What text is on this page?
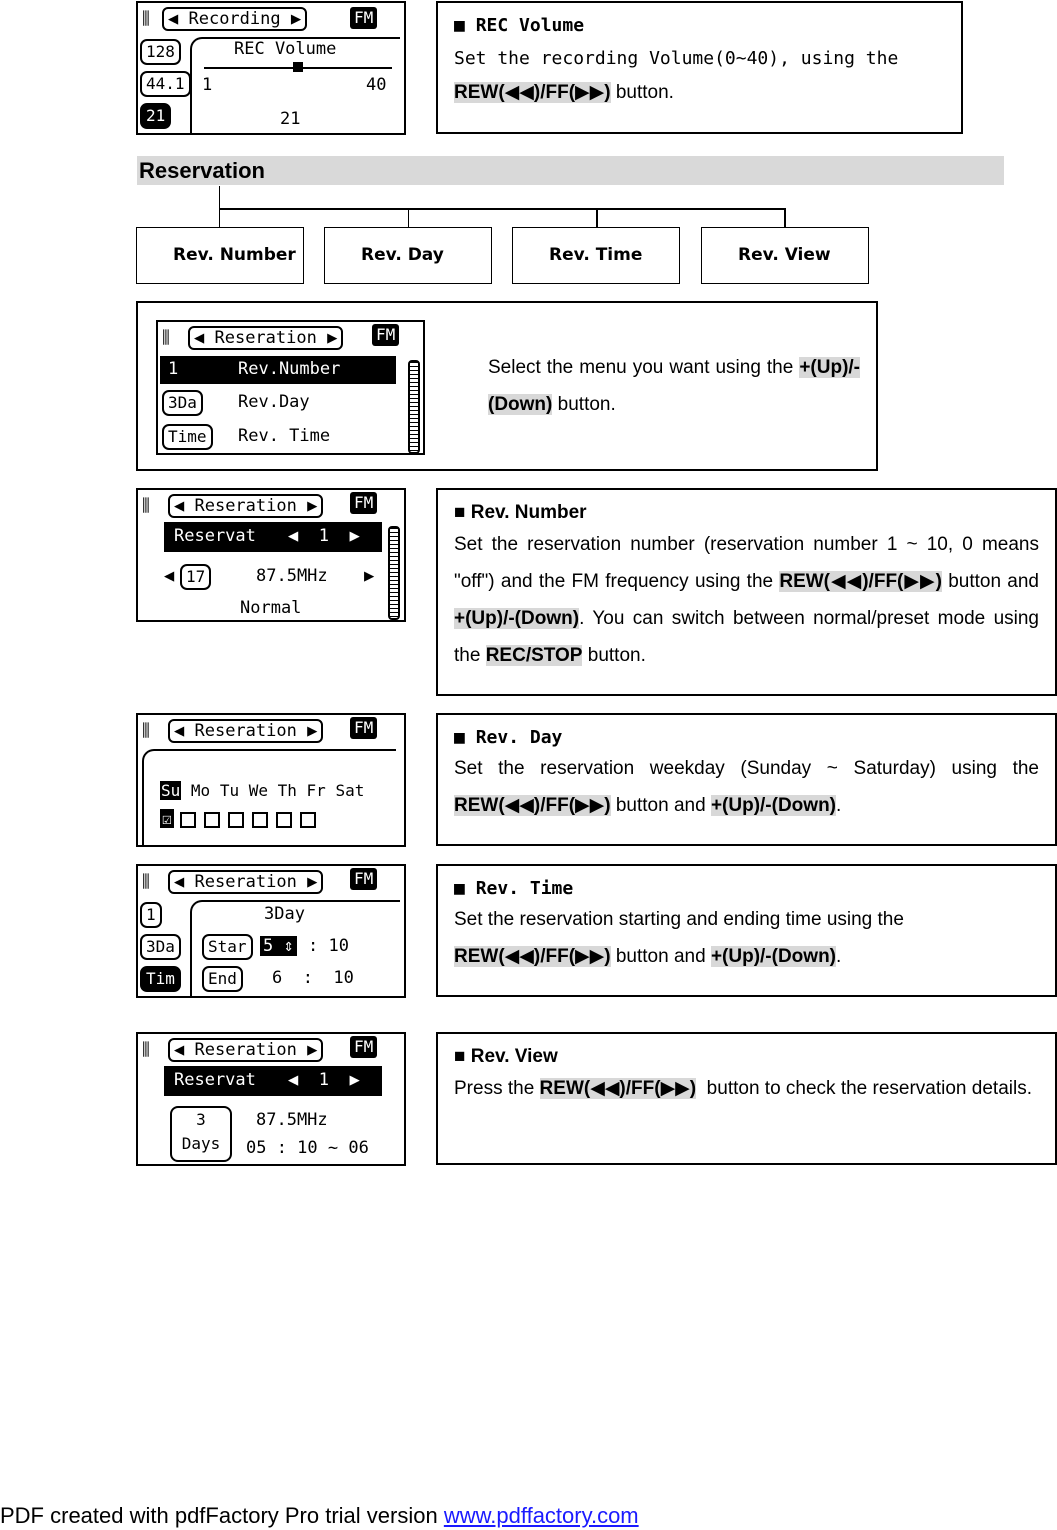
⫼	◀ Recording ▶	FM
128
44.1
21
REC Volume
1	40
21
■ REC Volume
Set the recording Volume(0~40), using the
REW(◀◀)/FF(▶▶) button.
Reservation
Rev. Number	Rev. Day	Rev. Time	Rev. View
⫼	◀ Reseration ▶	FM
1	Rev.Number
3Da	Rev.Day
Time	Rev. Time
Select the menu you want using the +(Up)/-(Down) button.
⫼	◀ Reseration ▶	FM
Reservat ◀  1  ▶
◀ 17	87.5MHz ▶
Normal
■ Rev. Number
Set the reservation number (reservation number 1 ~ 10, 0 means "off") and the FM frequency using the REW(◀◀)/FF(▶▶) button and +(Up)/-(Down). You can switch between normal/preset mode using the REC/STOP button.
⫼	◀ Reseration ▶	FM
Su Mo Tu We Th Fr Sat
☑
■ Rev. Day
Set the reservation weekday (Sunday ~ Saturday) using the REW(◀◀)/FF(▶▶) button and +(Up)/-(Down).
⫼	◀ Reseration ▶	FM
1
3Da
Tim
3Day
Star 5 ⇕ : 10
End	6  :  10
■ Rev. Time
Set the reservation starting and ending time using the REW(◀◀)/FF(▶▶) button and +(Up)/-(Down).
⫼	◀ Reseration ▶	FM
Reservat ◀  1  ▶
3
Days
87.5MHz
05 : 10 ~ 06
■ Rev. View
Press the REW(◀◀)/FF(▶▶)  button to check the reservation details.
PDF created with pdfFactory Pro trial version www.pdffactory.com
